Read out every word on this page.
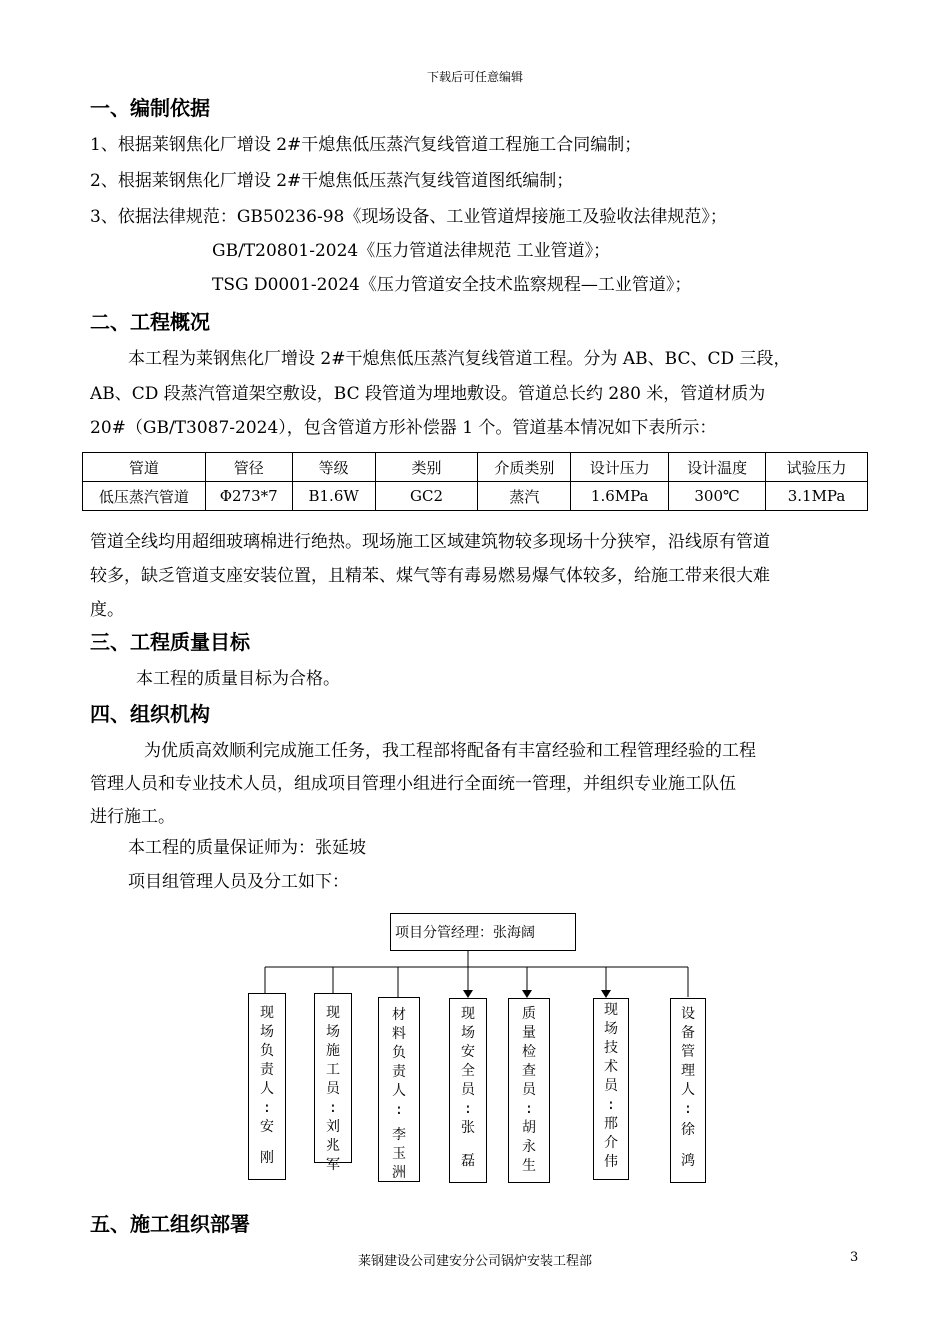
下载后可任意编辑
一、编制依据
1、根据莱钢焦化厂增设 2#干熄焦低压蒸汽复线管道工程施工合同编制；
2、根据莱钢焦化厂增设 2#干熄焦低压蒸汽复线管道图纸编制；
3、依据法律规范：GB50236-98《现场设备、工业管道焊接施工及验收法律规范》；
GB/T20801-2024《压力管道法律规范 工业管道》；
TSG D0001-2024《压力管道安全技术监察规程—工业管道》；
二、工程概况
本工程为莱钢焦化厂增设 2#干熄焦低压蒸汽复线管道工程。分为 AB、BC、CD 三段，
AB、CD 段蒸汽管道架空敷设，BC 段管道为埋地敷设。管道总长约 280 米，管道材质为
20#（GB/T3087-2024），包含管道方形补偿器 1 个。管道基本情况如下表所示：
管道	管径	等级	类别	介质类别	设计压力	设计温度	试验压力
低压蒸汽管道	Φ273*7	B1.6W	GC2	蒸汽	1.6MPa	300℃	3.1MPa
管道全线均用超细玻璃棉进行绝热。现场施工区域建筑物较多现场十分狭窄，沿线原有管道
较多，缺乏管道支座安装位置，且精苯、煤气等有毒易燃易爆气体较多，给施工带来很大难
度。
三、工程质量目标
本工程的质量目标为合格。
四、组织机构
为优质高效顺利完成施工任务，我工程部将配备有丰富经验和工程管理经验的工程
管理人员和专业技术人员，组成项目管理小组进行全面统一管理，并组织专业施工队伍
进行施工。
本工程的质量保证师为：张延坡
项目组管理人员及分工如下：
项目分管经理：张海阔
现
场
负
责
人
:
安
刚
现
场
施
工
员
:
刘
兆
军
材
料
负
责
人
:
李
玉
洲
现
场
安
全
员
:
张
磊
质
量
检
查
员
:
胡
永
生
现
场
技
术
员
:
邢
介
伟
设
备
管
理
人
:
徐
鸿
五、施工组织部署
莱钢建设公司建安分公司锅炉安装工程部	3
